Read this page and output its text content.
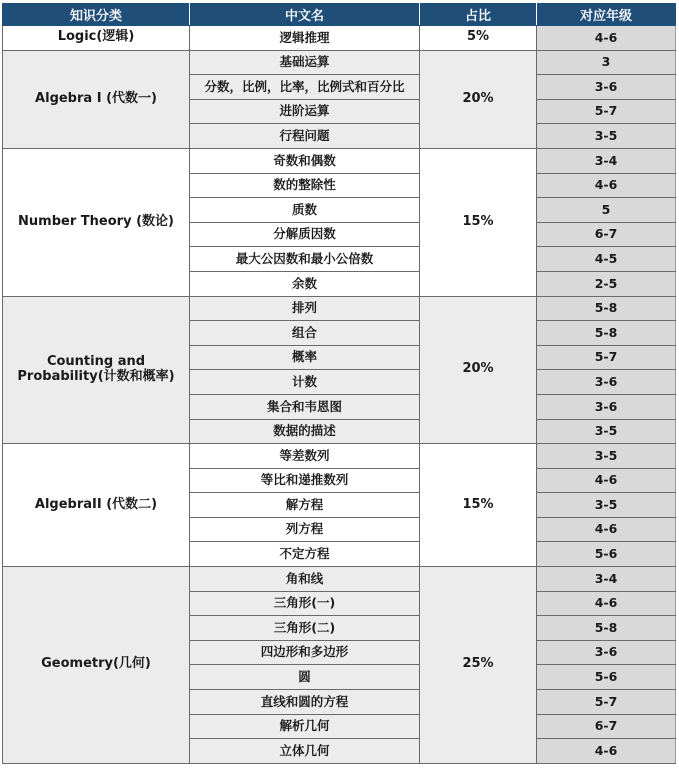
知识分类	中文名	占比	对应年级
Logic(逻辑)	逻辑推理	5%	4-6
Algebra I (代数一)	基础运算	20%	3
	分数，比例，比率，比例式和百分比		3-6
	进阶运算		5-7
	行程问题		3-5
Number Theory (数论)	奇数和偶数	15%	3-4
	数的整除性		4-6
	质数		5
	分解质因数		6-7
	最大公因数和最小公倍数		4-5
	余数		2-5
Counting and Probability(计数和概率)	排列	20%	5-8
	组合		5-8
	概率		5-7
	计数		3-6
	集合和韦恩图		3-6
	数据的描述		3-5
AlgebraII (代数二)	等差数列	15%	3-5
	等比和递推数列		4-6
	解方程		3-5
	列方程		4-6
	不定方程		5-6
Geometry(几何)	角和线	25%	3-4
	三角形(一)		4-6
	三角形(二)		5-8
	四边形和多边形		3-6
	圆		5-6
	直线和圆的方程		5-7
	解析几何		6-7
	立体几何		4-6
